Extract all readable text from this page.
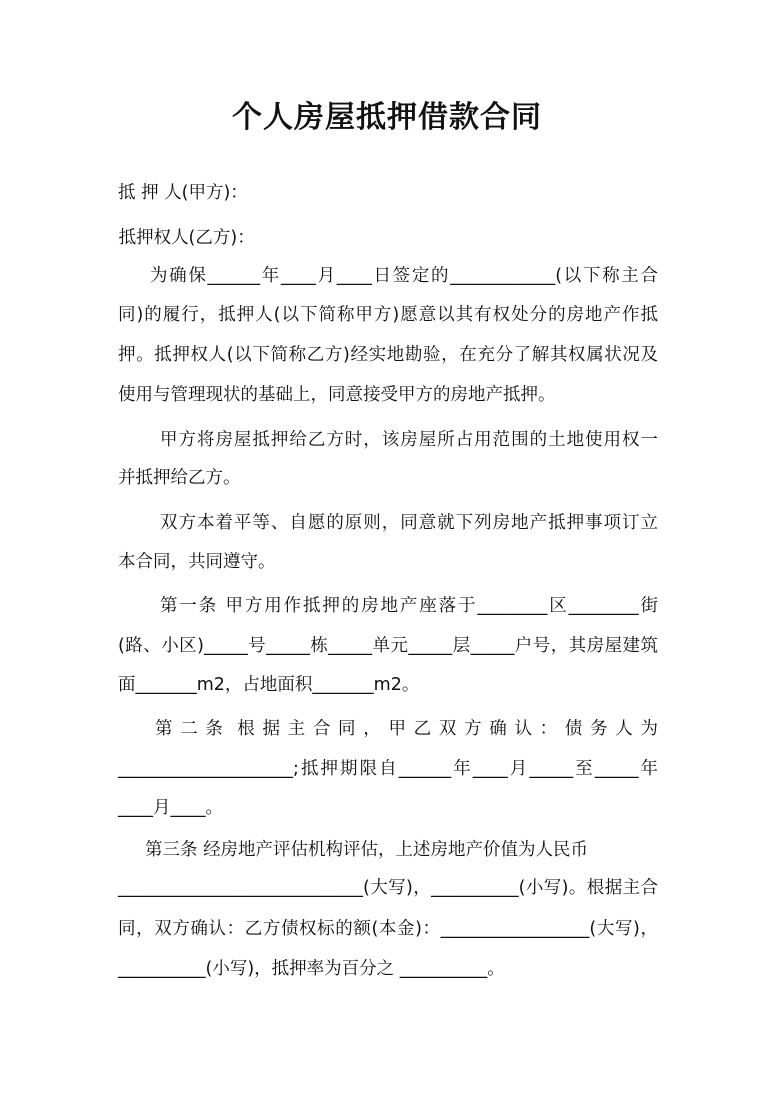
个人房屋抵押借款合同
抵 押 人(甲方)：
抵押权人(乙方)：
为确保______年____月____日签定的____________(以下称主合
同)的履行，抵押人(以下简称甲方)愿意以其有权处分的房地产作抵
押。抵押权人(以下简称乙方)经实地勘验，在充分了解其权属状况及
使用与管理现状的基础上，同意接受甲方的房地产抵押。
甲方将房屋抵押给乙方时，该房屋所占用范围的土地使用权一
并抵押给乙方。
双方本着平等、自愿的原则，同意就下列房地产抵押事项订立
本合同，共同遵守。
第一条 甲方用作抵押的房地产座落于________区________街
(路、小区)_____号_____栋_____单元_____层_____户号，其房屋建筑
面_______m2，占地面积_______m2。
第 二 条  根 据 主 合 同 ， 甲 乙 双 方 确 认 ： 债 务 人 为
____________________;抵押期限自______年____月_____至_____年
____月____。
第三条 经房地产评估机构评估，上述房地产价值为人民币
____________________________(大写)，__________(小写)。根据主合
同，双方确认：乙方债权标的额(本金)：_________________(大写)，
__________(小写)，抵押率为百分之 __________。
